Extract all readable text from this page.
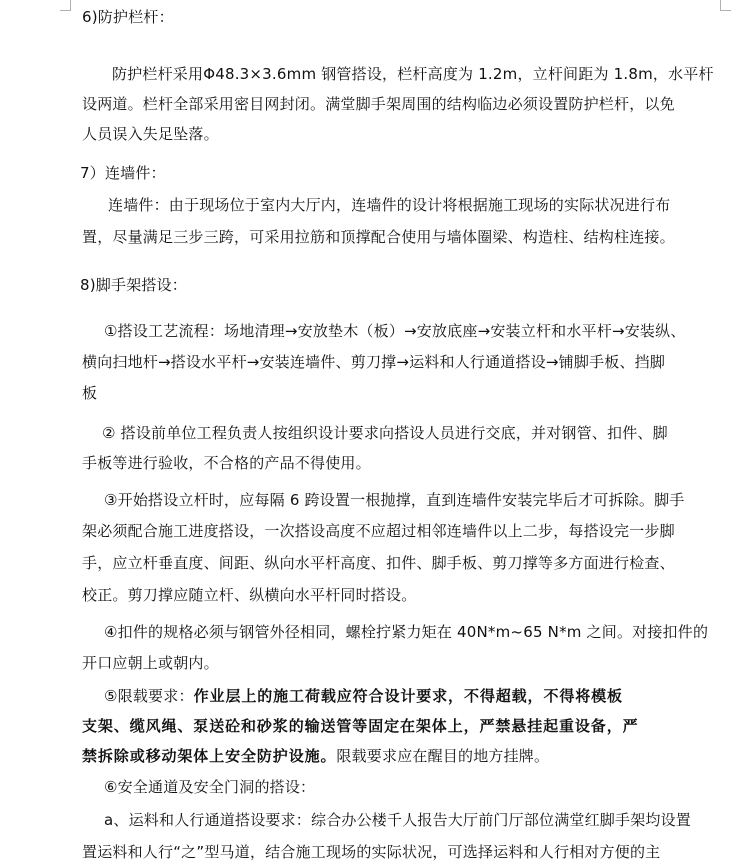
6)防护栏杆：
防护栏杆采用Φ48.3×3.6mm 钢管搭设，栏杆高度为 1.2m，立杆间距为 1.8m，水平杆
设两道。栏杆全部采用密目网封闭。满堂脚手架周围的结构临边必须设置防护栏杆，以免
人员误入失足坠落。
7）连墙件：
连墙件：由于现场位于室内大厅内，连墙件的设计将根据施工现场的实际状况进行布
置，尽量满足三步三跨，可采用拉筋和顶撑配合使用与墙体圈梁、构造柱、结构柱连接。
8)脚手架搭设：
①搭设工艺流程：场地清理→安放垫木（板）→安放底座→安装立杆和水平杆→安装纵、
横向扫地杆→搭设水平杆→安装连墙件、剪刀撑→运料和人行通道搭设→铺脚手板、挡脚
板
② 搭设前单位工程负责人按组织设计要求向搭设人员进行交底，并对钢管、扣件、脚
手板等进行验收，不合格的产品不得使用。
③开始搭设立杆时，应每隔 6 跨设置一根抛撑，直到连墙件安装完毕后才可拆除。脚手
架必须配合施工进度搭设，一次搭设高度不应超过相邻连墙件以上二步，每搭设完一步脚
手，应立杆垂直度、间距、纵向水平杆高度、扣件、脚手板、剪刀撑等多方面进行检查、
校正。剪刀撑应随立杆、纵横向水平杆同时搭设。
④扣件的规格必须与钢管外径相同，螺栓拧紧力矩在 40N*m~65 N*m 之间。对接扣件的
开口应朝上或朝内。
⑤限载要求：作业层上的施工荷载应符合设计要求，不得超载，不得将模板
支架、缆风绳、泵送砼和砂浆的输送管等固定在架体上，严禁悬挂起重设备，严
禁拆除或移动架体上安全防护设施。限载要求应在醒目的地方挂牌。
⑥安全通道及安全门洞的搭设：
a、运料和人行通道搭设要求：综合办公楼千人报告大厅前门厅部位满堂红脚手架均设置
置运料和人行“之”型马道，结合施工现场的实际状况，可选择运料和人行相对方便的主
